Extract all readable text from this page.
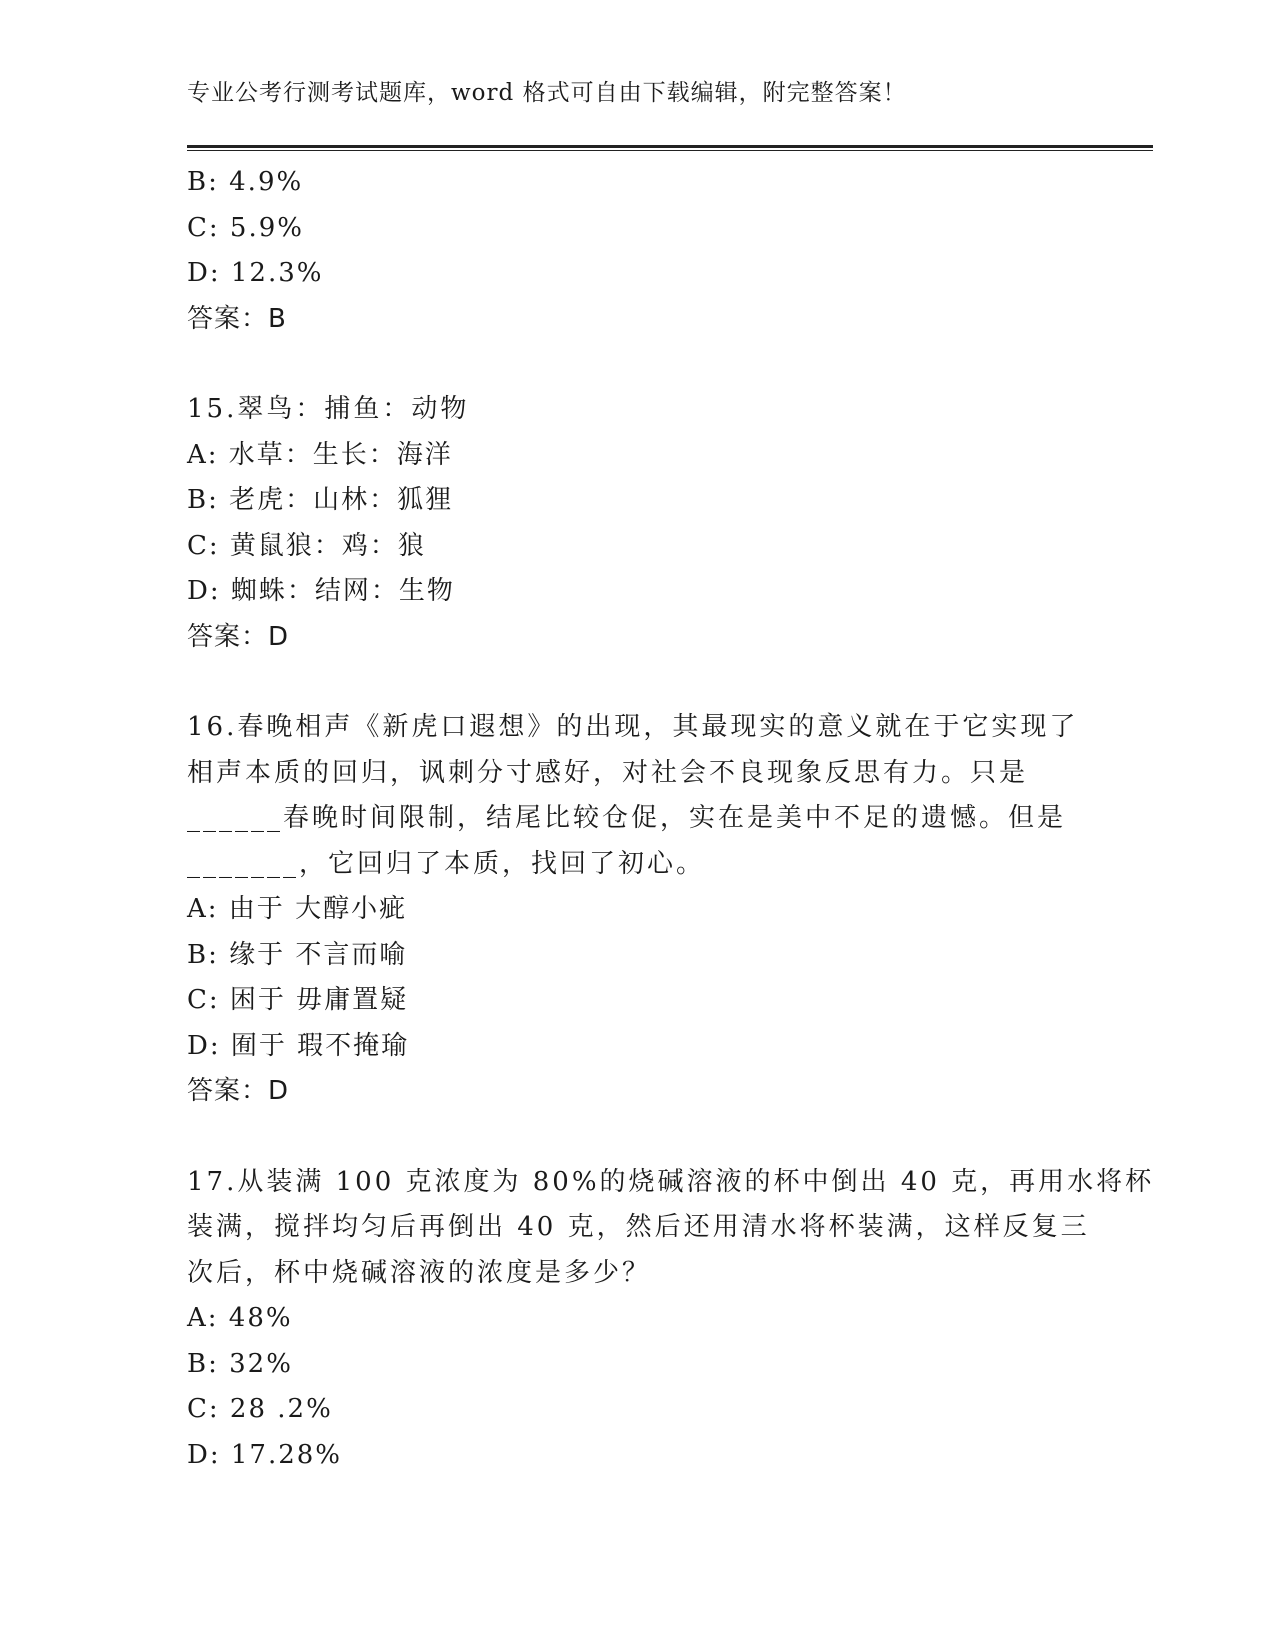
专业公考行测考试题库，word 格式可自由下载编辑，附完整答案！
B: 4.9%
C: 5.9%
D: 12.3%
答案：B
15.翠鸟：捕鱼：动物
A: 水草：生长：海洋
B: 老虎：山林：狐狸
C: 黄鼠狼：鸡：狼
D: 蜘蛛：结网：生物
答案：D
16.春晚相声《新虎口遐想》的出现，其最现实的意义就在于它实现了
相声本质的回归，讽刺分寸感好，对社会不良现象反思有力。只是
______春晚时间限制，结尾比较仓促，实在是美中不足的遗憾。但是
_______，它回归了本质，找回了初心。
A: 由于 大醇小疵
B: 缘于 不言而喻
C: 困于 毋庸置疑
D: 囿于 瑕不掩瑜
答案：D
17.从装满 100 克浓度为 80%的烧碱溶液的杯中倒出 40 克，再用水将杯
装满，搅拌均匀后再倒出 40 克，然后还用清水将杯装满，这样反复三
次后，杯中烧碱溶液的浓度是多少？
A: 48%
B: 32%
C: 28 .2%
D: 17.28%
